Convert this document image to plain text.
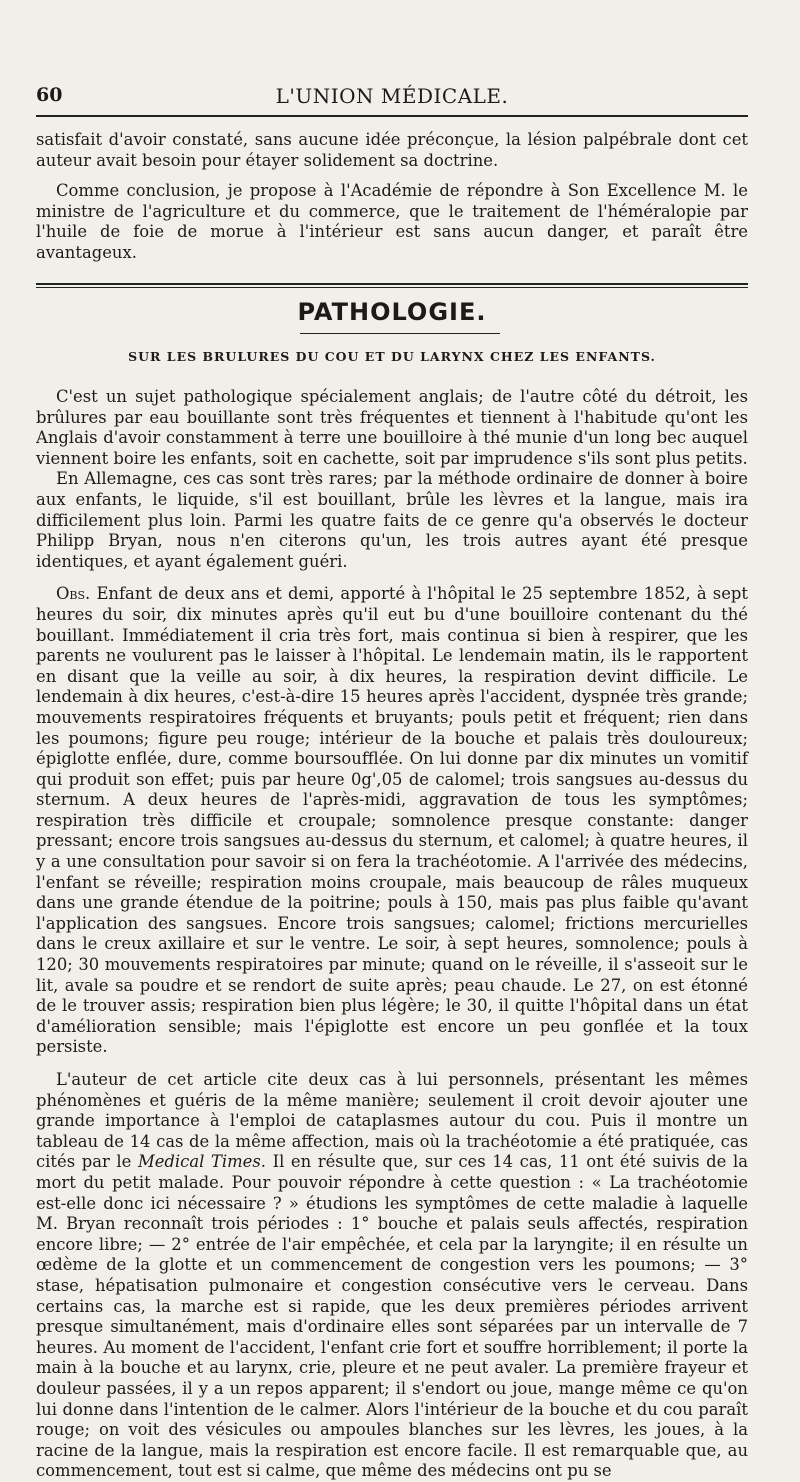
60	L'UNION MÉDICALE.

satisfait d'avoir constaté, sans aucune idée préconçue, la lésion palpébrale dont cet auteur avait besoin pour étayer solidement sa doctrine.

Comme conclusion, je propose à l'Académie de répondre à Son Excellence M. le ministre de l'agriculture et du commerce, que le traitement de l'héméralopie par l'huile de foie de morue à l'intérieur est sans aucun danger, et paraît être avantageux.

PATHOLOGIE.
SUR LES BRULURES DU COU ET DU LARYNX CHEZ LES ENFANTS.

C'est un sujet pathologique spécialement anglais; de l'autre côté du détroit, les brûlures par eau bouillante sont très fréquentes et tiennent à l'habitude qu'ont les Anglais d'avoir constamment à terre une bouilloire à thé munie d'un long bec auquel viennent boire les enfants, soit en cachette, soit par imprudence s'ils sont plus petits.

En Allemagne, ces cas sont très rares; par la méthode ordinaire de donner à boire aux enfants, le liquide, s'il est bouillant, brûle les lèvres et la langue, mais ira difficilement plus loin. Parmi les quatre faits de ce genre qu'a observés le docteur Philipp Bryan, nous n'en citerons qu'un, les trois autres ayant été presque identiques, et ayant également guéri.

Obs. Enfant de deux ans et demi, apporté à l'hôpital le 25 septembre 1852, à sept heures du soir, dix minutes après qu'il eut bu d'une bouilloire contenant du thé bouillant. Immédiatement il cria très fort, mais continua si bien à respirer, que les parents ne voulurent pas le laisser à l'hôpital. Le lendemain matin, ils le rapportent en disant que la veille au soir, à dix heures, la respiration devint difficile. Le lendemain à dix heures, c'est-à-dire 15 heures après l'accident, dyspnée très grande; mouvements respiratoires fréquents et bruyants; pouls petit et fréquent; rien dans les poumons; figure peu rouge; intérieur de la bouche et palais très douloureux; épiglotte enflée, dure, comme boursoufflée. On lui donne par dix minutes un vomitif qui produit son effet; puis par heure 0g',05 de calomel; trois sangsues au-dessus du sternum. A deux heures de l'après-midi, aggravation de tous les symptômes; respiration très difficile et croupale; somnolence presque constante: danger pressant; encore trois sangsues au-dessus du sternum, et calomel; à quatre heures, il y a une consultation pour savoir si on fera la trachéotomie. A l'arrivée des médecins, l'enfant se réveille; respiration moins croupale, mais beaucoup de râles muqueux dans une grande étendue de la poitrine; pouls à 150, mais pas plus faible qu'avant l'application des sangsues. Encore trois sangsues; calomel; frictions mercurielles dans le creux axillaire et sur le ventre. Le soir, à sept heures, somnolence; pouls à 120; 30 mouvements respiratoires par minute; quand on le réveille, il s'asseoit sur le lit, avale sa poudre et se rendort de suite après; peau chaude. Le 27, on est étonné de le trouver assis; respiration bien plus légère; le 30, il quitte l'hôpital dans un état d'amélioration sensible; mais l'épiglotte est encore un peu gonflée et la toux persiste.

L'auteur de cet article cite deux cas à lui personnels, présentant les mêmes phénomènes et guéris de la même manière; seulement il croit devoir ajouter une grande importance à l'emploi de cataplasmes autour du cou. Puis il montre un tableau de 14 cas de la même affection, mais où la trachéotomie a été pratiquée, cas cités par le Medical Times. Il en résulte que, sur ces 14 cas, 11 ont été suivis de la mort du petit malade. Pour pouvoir répondre à cette question : « La trachéotomie est-elle donc ici nécessaire ? » étudions les symptômes de cette maladie à laquelle M. Bryan reconnaît trois périodes : 1° bouche et palais seuls affectés, respiration encore libre; — 2° entrée de l'air empêchée, et cela par la laryngite; il en résulte un œdème de la glotte et un commencement de congestion vers les poumons; — 3° stase, hépatisation pulmonaire et congestion consécutive vers le cerveau. Dans certains cas, la marche est si rapide, que les deux premières périodes arrivent presque simultanément, mais d'ordinaire elles sont séparées par un intervalle de 7 heures. Au moment de l'accident, l'enfant crie fort et souffre horriblement; il porte la main à la bouche et au larynx, crie, pleure et ne peut avaler. La première frayeur et douleur passées, il y a un repos apparent; il s'endort ou joue, mange même ce qu'on lui donne dans l'intention de le calmer. Alors l'intérieur de la bouche et du cou paraît rouge; on voit des vésicules ou ampoules blanches sur les lèvres, les joues, à la racine de la langue, mais la respiration est encore facile. Il est remarquable que, au commencement, tout est si calme, que même des médecins ont pu se
